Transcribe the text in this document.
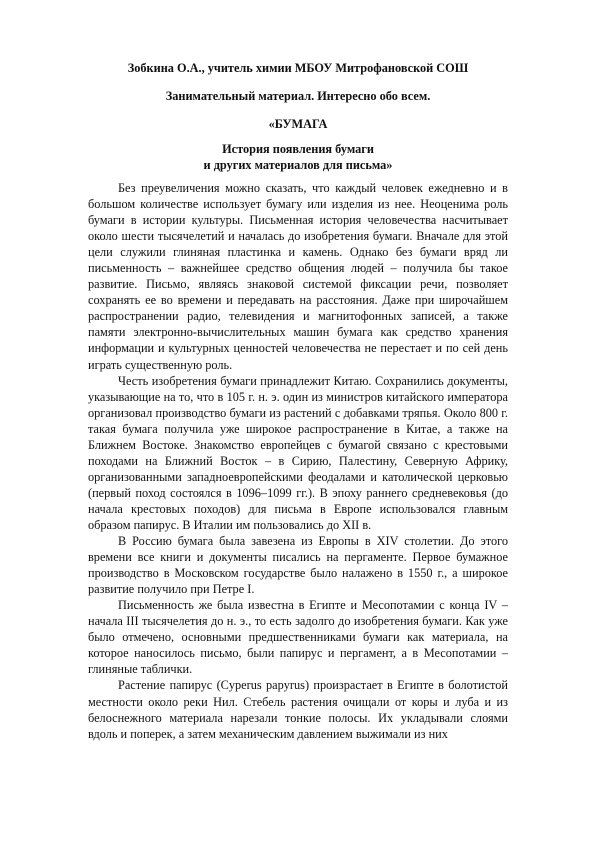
Зобкина О.А., учитель химии МБОУ Митрофановской СОШ

Занимательный материал. Интересно обо всем.

«БУМАГА

История появления бумаги
и других материалов для письма»

Без преувеличения можно сказать, что каждый человек ежедневно и в большом количестве использует бумагу или изделия из нее. Неоценима роль бумаги в истории культуры. Письменная история человечества насчитывает около шести тысячелетий и началась до изобретения бумаги. Вначале для этой цели служили глиняная пластинка и камень. Однако без бумаги вряд ли письменность – важнейшее средство общения людей – получила бы такое развитие. Письмо, являясь знаковой системой фиксации речи, позволяет сохранять ее во времени и передавать на расстояния. Даже при широчайшем распространении радио, телевидения и магнитофонных записей, а также памяти электронно-вычислительных машин бумага как средство хранения информации и культурных ценностей человечества не перестает и по сей день играть существенную роль.

Честь изобретения бумаги принадлежит Китаю. Сохранились документы, указывающие на то, что в 105 г. н. э. один из министров китайского императора организовал производство бумаги из растений с добавками тряпья. Около 800 г. такая бумага получила уже широкое распространение в Китае, а также на Ближнем Востоке. Знакомство европейцев с бумагой связано с крестовыми походами на Ближний Восток – в Сирию, Палестину, Северную Африку, организованными западноевропейскими феодалами и католической церковью (первый поход состоялся в 1096–1099 гг.). В эпоху раннего средневековья (до начала крестовых походов) для письма в Европе использовался главным образом папирус. В Италии им пользовались до XII в.

В Россию бумага была завезена из Европы в XIV столетии. До этого времени все книги и документы писались на пергаменте. Первое бумажное производство в Московском государстве было налажено в 1550 г., а широкое развитие получило при Петре I.

Письменность же была известна в Египте и Месопотамии с конца IV – начала III тысячелетия до н. э., то есть задолго до изобретения бумаги. Как уже было отмечено, основными предшественниками бумаги как материала, на которое наносилось письмо, были папирус и пергамент, а в Месопотамии – глиняные таблички.

Растение папирус (Cyperus papyrus) произрастает в Египте в болотистой местности около реки Нил. Стебель растения очищали от коры и луба и из белоснежного материала нарезали тонкие полосы. Их укладывали слоями вдоль и поперек, а затем механическим давлением выжимали из них
